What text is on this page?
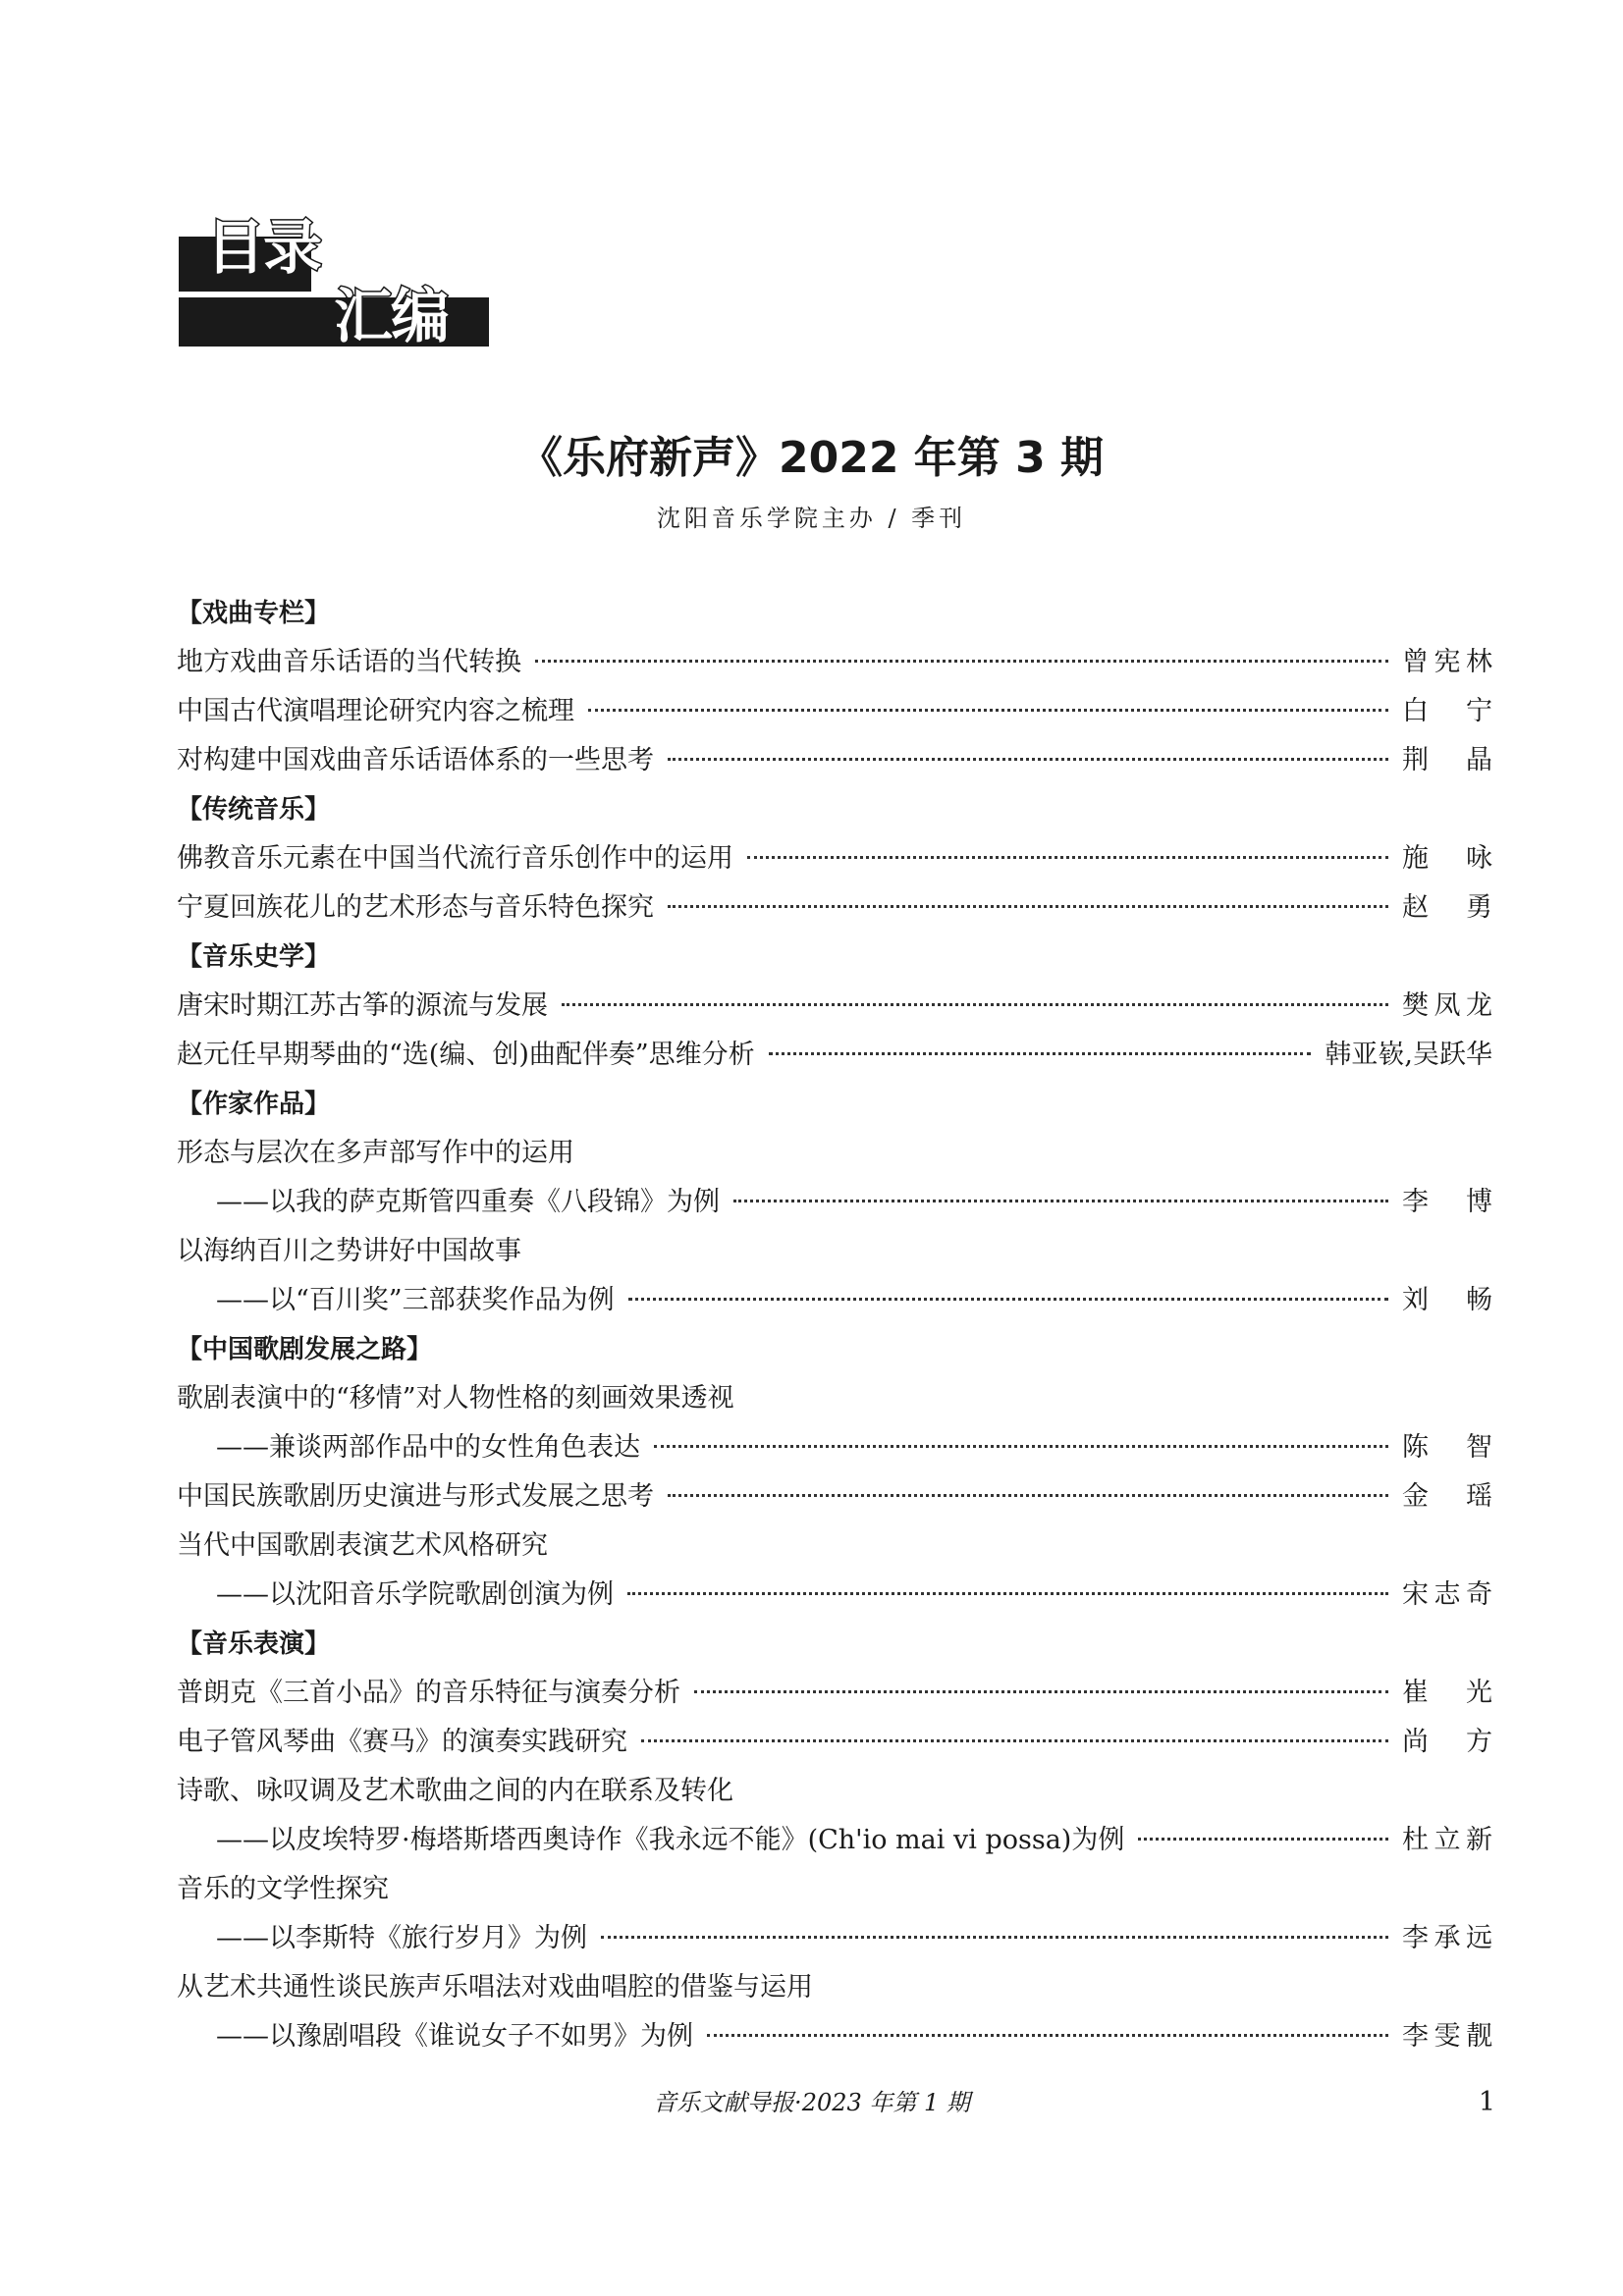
目录
汇编
《乐府新声》2022 年第 3 期
沈阳音乐学院主办 / 季刊
【戏曲专栏】
地方戏曲音乐话语的当代转换	曾宪林
中国古代演唱理论研究内容之梳理	白 宁
对构建中国戏曲音乐话语体系的一些思考	荆 晶
【传统音乐】
佛教音乐元素在中国当代流行音乐创作中的运用	施 咏
宁夏回族花儿的艺术形态与音乐特色探究	赵 勇
【音乐史学】
唐宋时期江苏古筝的源流与发展	樊凤龙
赵元任早期琴曲的“选(编、创)曲配伴奏”思维分析	韩亚嵚,吴跃华
【作家作品】
形态与层次在多声部写作中的运用
——以我的萨克斯管四重奏《八段锦》为例	李 博
以海纳百川之势讲好中国故事
——以“百川奖”三部获奖作品为例	刘 畅
【中国歌剧发展之路】
歌剧表演中的“移情”对人物性格的刻画效果透视
——兼谈两部作品中的女性角色表达	陈 智
中国民族歌剧历史演进与形式发展之思考	金 瑶
当代中国歌剧表演艺术风格研究
——以沈阳音乐学院歌剧创演为例	宋志奇
【音乐表演】
普朗克《三首小品》的音乐特征与演奏分析	崔 光
电子管风琴曲《赛马》的演奏实践研究	尚 方
诗歌、咏叹调及艺术歌曲之间的内在联系及转化
——以皮埃特罗·梅塔斯塔西奥诗作《我永远不能》(Ch'io mai vi possa)为例	杜立新
音乐的文学性探究
——以李斯特《旅行岁月》为例	李承远
从艺术共通性谈民族声乐唱法对戏曲唱腔的借鉴与运用
——以豫剧唱段《谁说女子不如男》为例	李雯靓
音乐文献导报·2023 年第 1 期	1
